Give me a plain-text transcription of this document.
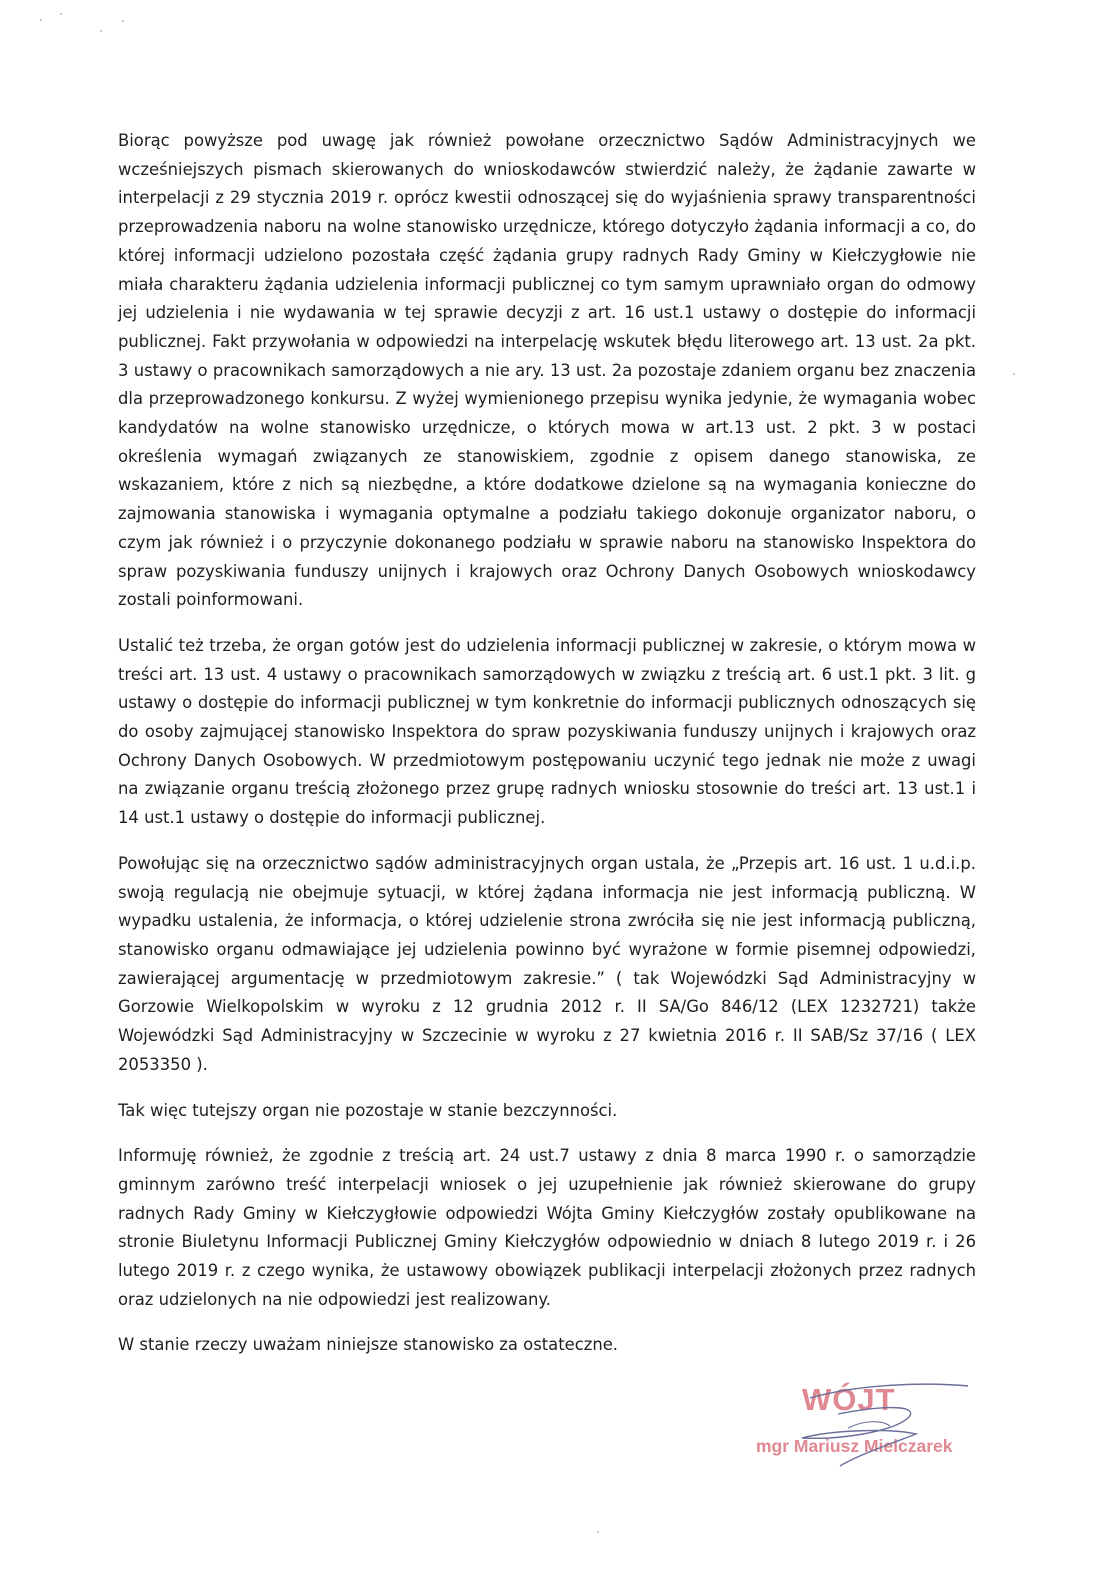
Biorąc powyższe pod uwagę jak również powołane orzecznictwo Sądów Administracyjnych we wcześniejszych pismach skierowanych do wnioskodawców stwierdzić należy, że żądanie zawarte w interpelacji z 29 stycznia 2019 r. oprócz kwestii odnoszącej się do wyjaśnienia sprawy transparentności przeprowadzenia naboru na wolne stanowisko urzędnicze, którego dotyczyło żądania informacji a co, do której informacji udzielono pozostała część żądania grupy radnych Rady Gminy w Kiełczygłowie nie miała charakteru żądania udzielenia informacji publicznej co tym samym uprawniało organ do odmowy jej udzielenia i nie wydawania w tej sprawie decyzji z art. 16 ust.1 ustawy o dostępie do informacji publicznej. Fakt przywołania w odpowiedzi na interpelację wskutek błędu literowego art. 13 ust. 2a pkt. 3 ustawy o pracownikach samorządowych a nie ary. 13 ust. 2a pozostaje zdaniem organu bez znaczenia dla przeprowadzonego konkursu. Z wyżej wymienionego przepisu wynika jedynie, że wymagania wobec kandydatów na wolne stanowisko urzędnicze, o których mowa w art.13 ust. 2 pkt. 3 w postaci określenia wymagań związanych ze stanowiskiem, zgodnie z opisem danego stanowiska, ze wskazaniem, które z nich są niezbędne, a które dodatkowe dzielone są na wymagania konieczne do zajmowania stanowiska i wymagania optymalne a podziału takiego dokonuje organizator naboru, o czym jak również i o przyczynie dokonanego podziału w sprawie naboru na stanowisko Inspektora do spraw pozyskiwania funduszy unijnych i krajowych oraz Ochrony Danych Osobowych wnioskodawcy zostali poinformowani.

Ustalić też trzeba, że organ gotów jest do udzielenia informacji publicznej w zakresie, o którym mowa w treści art. 13 ust. 4 ustawy o pracownikach samorządowych w związku z treścią art. 6 ust.1 pkt. 3 lit. g ustawy o dostępie do informacji publicznej w tym konkretnie do informacji publicznych odnoszących się do osoby zajmującej stanowisko Inspektora do spraw pozyskiwania funduszy unijnych i krajowych oraz Ochrony Danych Osobowych. W przedmiotowym postępowaniu uczynić tego jednak nie może z uwagi na związanie organu treścią złożonego przez grupę radnych wniosku stosownie do treści art. 13 ust.1 i 14 ust.1 ustawy o dostępie do informacji publicznej.

Powołując się na orzecznictwo sądów administracyjnych organ ustala, że „Przepis art. 16 ust. 1 u.d.i.p. swoją regulacją nie obejmuje sytuacji, w której żądana informacja nie jest informacją publiczną. W wypadku ustalenia, że informacja, o której udzielenie strona zwróciła się nie jest informacją publiczną, stanowisko organu odmawiające jej udzielenia powinno być wyrażone w formie pisemnej odpowiedzi, zawierającej argumentację w przedmiotowym zakresie.” ( tak Wojewódzki Sąd Administracyjny w Gorzowie Wielkopolskim w wyroku z 12 grudnia 2012 r. II SA/Go 846/12 (LEX 1232721) także Wojewódzki Sąd Administracyjny w Szczecinie w wyroku z 27 kwietnia 2016 r. II SAB/Sz 37/16 ( LEX 2053350 ).

Tak więc tutejszy organ nie pozostaje w stanie bezczynności.

Informuję również, że zgodnie z treścią art. 24 ust.7 ustawy z dnia 8 marca 1990 r. o samorządzie gminnym zarówno treść interpelacji wniosek o jej uzupełnienie jak również skierowane do grupy radnych Rady Gminy w Kiełczygłowie odpowiedzi Wójta Gminy Kiełczygłów zostały opublikowane na stronie Biuletynu Informacji Publicznej Gminy Kiełczygłów odpowiednio w dniach 8 lutego 2019 r. i 26 lutego 2019 r. z czego wynika, że ustawowy obowiązek publikacji interpelacji złożonych przez radnych oraz udzielonych na nie odpowiedzi jest realizowany.

W stanie rzeczy uważam niniejsze stanowisko za ostateczne.

WÓJT
mgr Mariusz Mielczarek
